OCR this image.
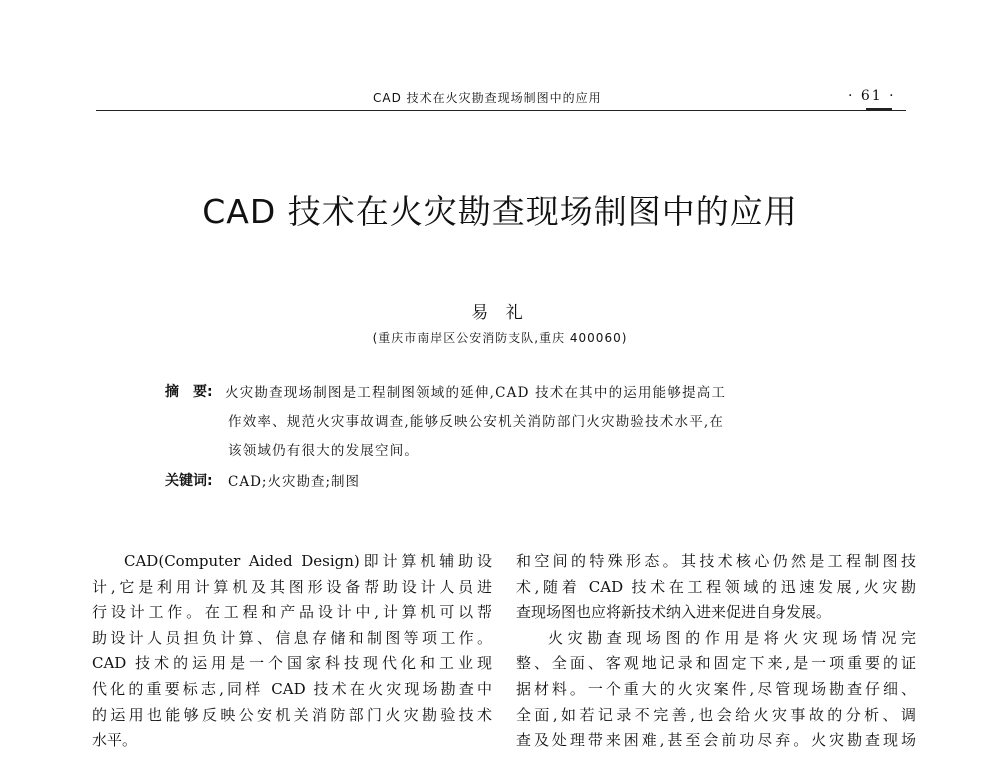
CAD 技术在火灾勘查现场制图中的应用	· 61 ·
CAD 技术在火灾勘查现场制图中的应用
易 礼
(重庆市南岸区公安消防支队,重庆 400060)
摘 要: 火灾勘查现场制图是工程制图领域的延伸,CAD 技术在其中的运用能够提高工
作效率、规范火灾事故调查,能够反映公安机关消防部门火灾勘验技术水平,在
该领域仍有很大的发展空间。
关键词: CAD;火灾勘查;制图
CAD(Computer Aided Design)即计算机辅助设
计,它是利用计算机及其图形设备帮助设计人员进
行设计工作。在工程和产品设计中,计算机可以帮
助设计人员担负计算、信息存储和制图等项工作。
CAD 技术的运用是一个国家科技现代化和工业现
代化的重要标志,同样 CAD 技术在火灾现场勘查中
的运用也能够反映公安机关消防部门火灾勘验技术
水平。
和空间的特殊形态。其技术核心仍然是工程制图技
术,随着 CAD 技术在工程领域的迅速发展,火灾勘
查现场图也应将新技术纳入进来促进自身发展。
火灾勘查现场图的作用是将火灾现场情况完
整、全面、客观地记录和固定下来,是一项重要的证
据材料。一个重大的火灾案件,尽管现场勘查仔细、
全面,如若记录不完善,也会给火灾事故的分析、调
查及处理带来困难,甚至会前功尽弃。火灾勘查现场
